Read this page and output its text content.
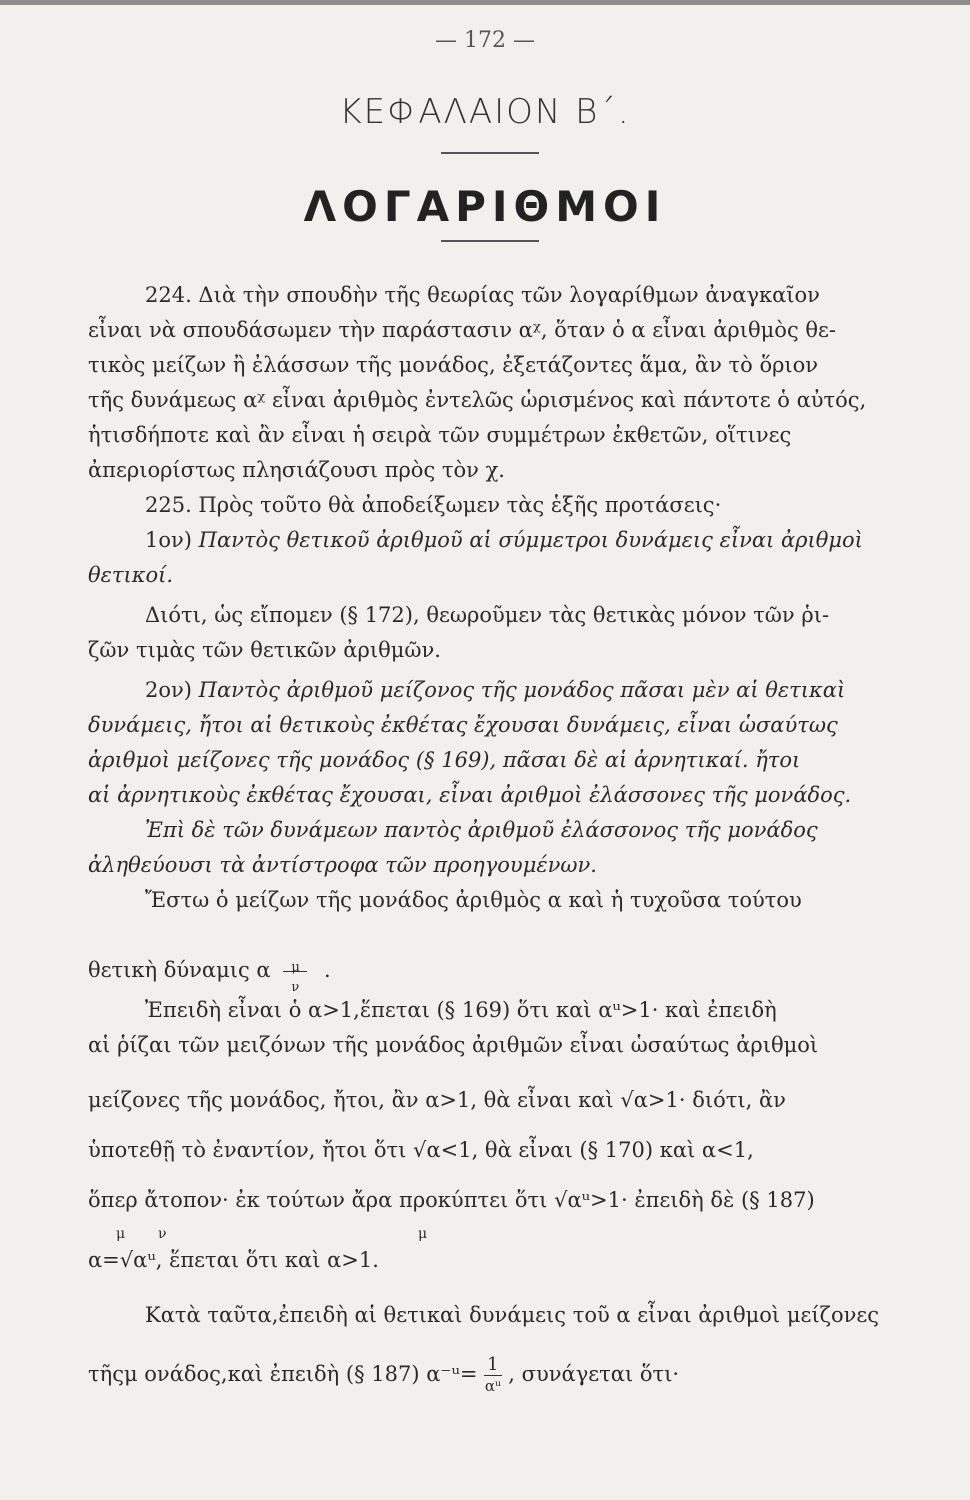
— 172 —
ΚΕΦΑΛΑΙΟΝ Β΄.
ΛΟΓΑΡΙΘΜΟΙ
224. Διὰ τὴν σπουδὴν τῆς θεωρίας τῶν λογαρίθμων ἀναγκαῖον
εἶναι νὰ σπουδάσωμεν τὴν παράστασιν αᵡ, ὅταν ὁ α εἶναι ἀριθμὸς θε-
τικὸς μείζων ἢ ἐλάσσων τῆς μονάδος, ἐξετάζοντες ἅμα, ἂν τὸ ὅριον
τῆς δυνάμεως αᵡ εἶναι ἀριθμὸς ἐντελῶς ὡρισμένος καὶ πάντοτε ὁ αὐτός,
ἡτισδήποτε καὶ ἂν εἶναι ἡ σειρὰ τῶν συμμέτρων ἐκθετῶν, οἵτινες
ἀπεριορίστως πλησιάζουσι πρὸς τὸν χ.
225. Πρὸς τοῦτο θὰ ἀποδείξωμεν τὰς ἑξῆς προτάσεις·
1ον) Παντὸς θετικοῦ ἀριθμοῦ αἱ σύμμετροι δυνάμεις εἶναι ἀριθμοὶ
θετικοί.
Διότι, ὡς εἴπομεν (§ 172), θεωροῦμεν τὰς θετικὰς μόνον τῶν ῥι-
ζῶν τιμὰς τῶν θετικῶν ἀριθμῶν.
2ον) Παντὸς ἀριθμοῦ μείζονος τῆς μονάδος πᾶσαι μὲν αἱ θετικαὶ
δυνάμεις, ἤτοι αἱ θετικοὺς ἐκθέτας ἔχουσαι δυνάμεις, εἶναι ὡσαύτως
ἀριθμοὶ μείζονες τῆς μονάδος (§ 169), πᾶσαι δὲ αἱ ἀρνητικαί. ἤτοι
αἱ ἀρνητικοὺς ἐκθέτας ἔχουσαι, εἶναι ἀριθμοὶ ἐλάσσονες τῆς μονάδος.
Ἐπὶ δὲ τῶν δυνάμεων παντὸς ἀριθμοῦ ἐλάσσονος τῆς μονάδος
ἀληθεύουσι τὰ ἀντίστροφα τῶν προηγουμένων.
Ἔστω ὁ μείζων τῆς μονάδος ἀριθμὸς α καὶ ἡ τυχοῦσα τούτου
θετικὴ δύναμις α μ
ν
.
Ἐπειδὴ εἶναι ὁ α>1,ἕπεται (§ 169) ὅτι καὶ αᵘ>1· καὶ ἐπειδὴ
αἱ ῥίζαι τῶν μειζόνων τῆς μονάδος ἀριθμῶν εἶναι ὡσαύτως ἀριθμοὶ
μείζονες τῆς μονάδος, ἤτοι, ἂν α>1, θὰ εἶναι καὶ √α>1· διότι, ἂν
ὑποτεθῇ τὸ ἐναντίον, ἤτοι ὅτι √α<1, θὰ εἶναι (§ 170) καὶ α<1,
ὅπερ ἄτοπον· ἐκ τούτων ἄρα προκύπτει ὅτι √αᵘ>1· ἐπειδὴ δὲ (§ 187)
μ ν	μ
α=√αᵘ, ἕπεται ὅτι καὶ α>1.
Κατὰ ταῦτα,ἐπειδὴ αἱ θετικαὶ δυνάμεις τοῦ α εἶναι ἀριθμοὶ μείζονες
τῆςμ ονάδος,καὶ ἐπειδὴ (§ 187) α⁻ᵘ= $\frac{1}{\text{αᵘ}}$ , συνάγεται ὅτι·
